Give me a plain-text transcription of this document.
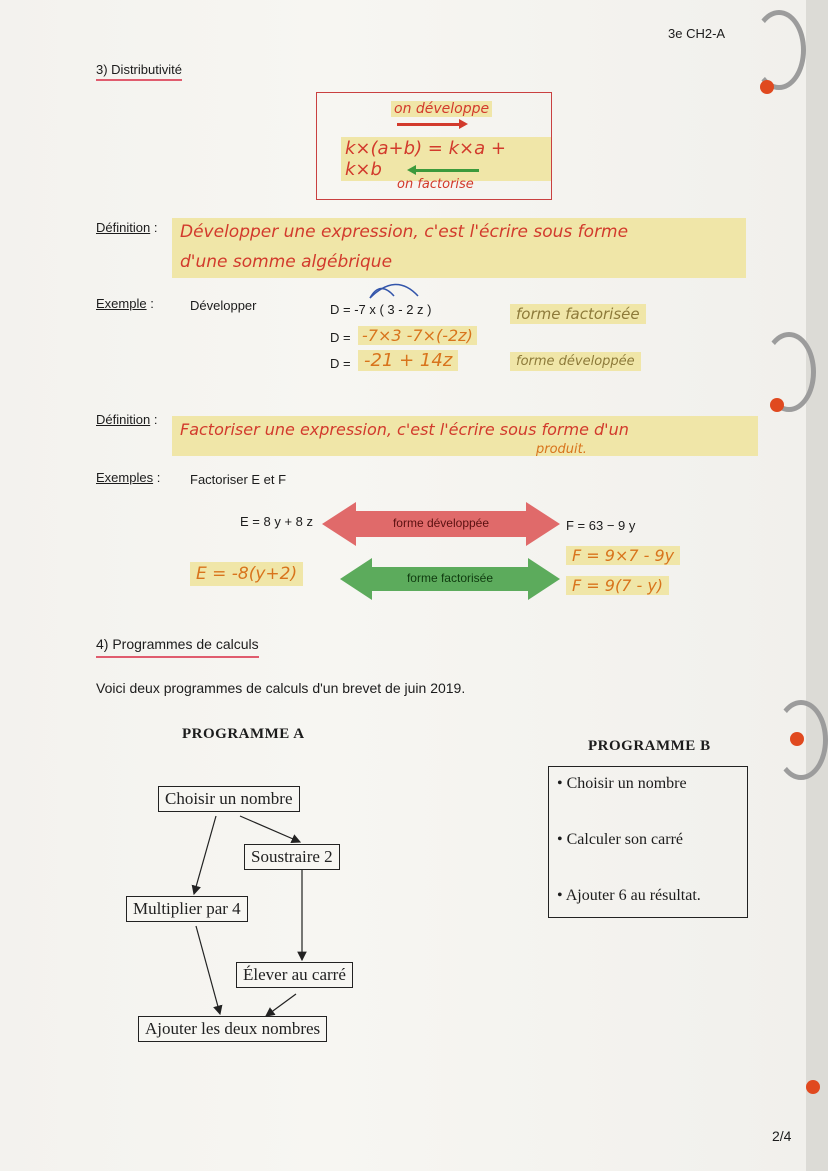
3e CH2-A
3) Distributivité
on développe
k×(a+b) = k×a + k×b
on factorise
Définition : Développer une expression, c'est l'écrire sous forme
d'une somme algébrique
Exemple :	Développer	D = -7 x ( 3 - 2 z )
D = -7×3 -7×(-2z)
D = -21 + 14z
forme factorisée
forme développée
Définition :
Factoriser une expression, c'est l'écrire sous forme d'un
produit.
Exemples : Factoriser E et F
E = 8 y + 8 z	F = 63 − 9 y
forme développée
forme factorisée
E = -8(y+2)
F = 9×7 - 9y
F = 9(7 - y)
4) Programmes de calculs
Voici deux programmes de calculs d'un brevet de juin 2019.
PROGRAMME A
Choisir un nombre
Soustraire 2
Multiplier par 4
Élever au carré
Ajouter les deux nombres
PROGRAMME B
• Choisir un nombre
• Calculer son carré
• Ajouter 6 au résultat.
2/4
